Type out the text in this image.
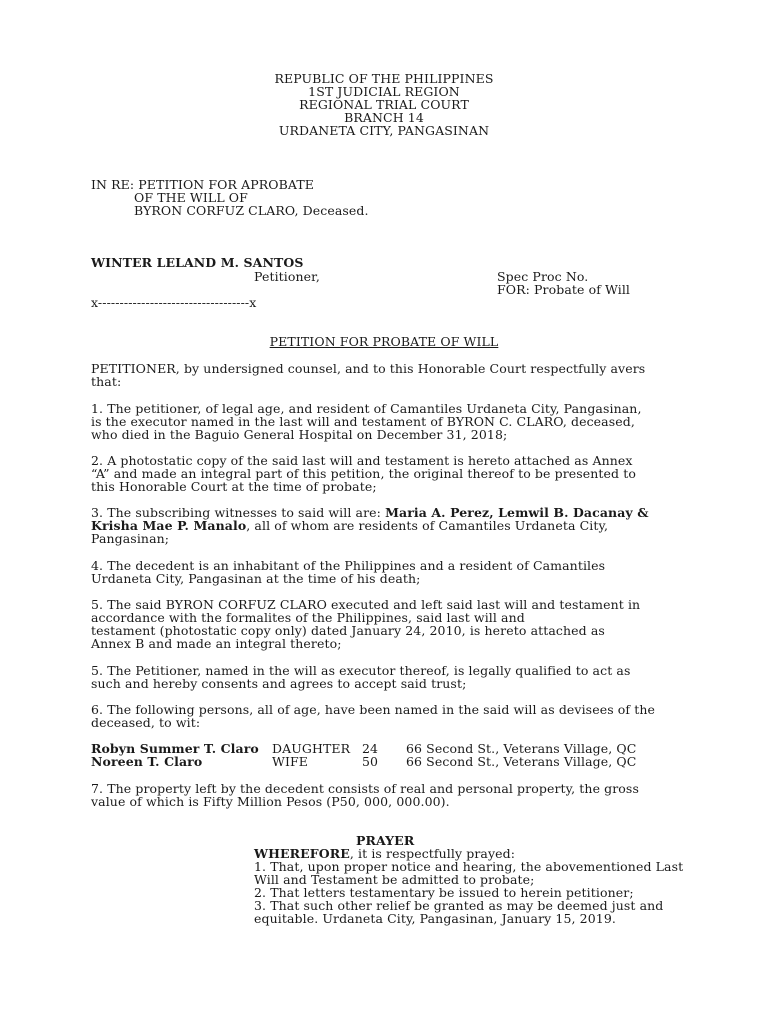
REPUBLIC OF THE PHILIPPINES
1ST JUDICIAL REGION
REGIONAL TRIAL COURT
BRANCH 14
URDANETA CITY, PANGASINAN
IN RE: PETITION FOR APROBATE
OF THE WILL OF
BYRON CORFUZ CLARO, Deceased.
WINTER LELAND M. SANTOS
Petitioner,	Spec Proc No.
FOR: Probate of Will
x-----------------------------------x
PETITION FOR PROBATE OF WILL
PETITIONER, by undersigned counsel, and to this Honorable Court respectfully avers
that:
1. The petitioner, of legal age, and resident of Camantiles Urdaneta City, Pangasinan,
is the executor named in the last will and testament of BYRON C. CLARO, deceased,
who died in the Baguio General Hospital on December 31, 2018;
2. A photostatic copy of the said last will and testament is hereto attached as Annex
“A” and made an integral part of this petition, the original thereof to be presented to
this Honorable Court at the time of probate;
3. The subscribing witnesses to said will are: Maria A. Perez, Lemwil B. Dacanay &
Krisha Mae P. Manalo, all of whom are residents of Camantiles Urdaneta City,
Pangasinan;
4. The decedent is an inhabitant of the Philippines and a resident of Camantiles
Urdaneta City, Pangasinan at the time of his death;
5. The said BYRON CORFUZ CLARO executed and left said last will and testament in
accordance with the formalites of the Philippines, said last will and
testament (photostatic copy only) dated January 24, 2010, is hereto attached as
Annex B and made an integral thereto;
5. The Petitioner, named in the will as executor thereof, is legally qualified to act as
such and hereby consents and agrees to accept said trust;
6. The following persons, all of age, have been named in the said will as devisees of the
deceased, to wit:
Robyn Summer T. Claro DAUGHTER 24 66 Second St., Veterans Village, QC
Noreen T. Claro	WIFE	50 66 Second St., Veterans Village, QC
7. The property left by the decedent consists of real and personal property, the gross
value of which is Fifty Million Pesos (P50, 000, 000.00).
PRAYER
WHEREFORE, it is respectfully prayed:
1. That, upon proper notice and hearing, the abovementioned Last
Will and Testament be admitted to probate;
2. That letters testamentary be issued to herein petitioner;
3. That such other relief be granted as may be deemed just and
equitable. Urdaneta City, Pangasinan, January 15, 2019.
